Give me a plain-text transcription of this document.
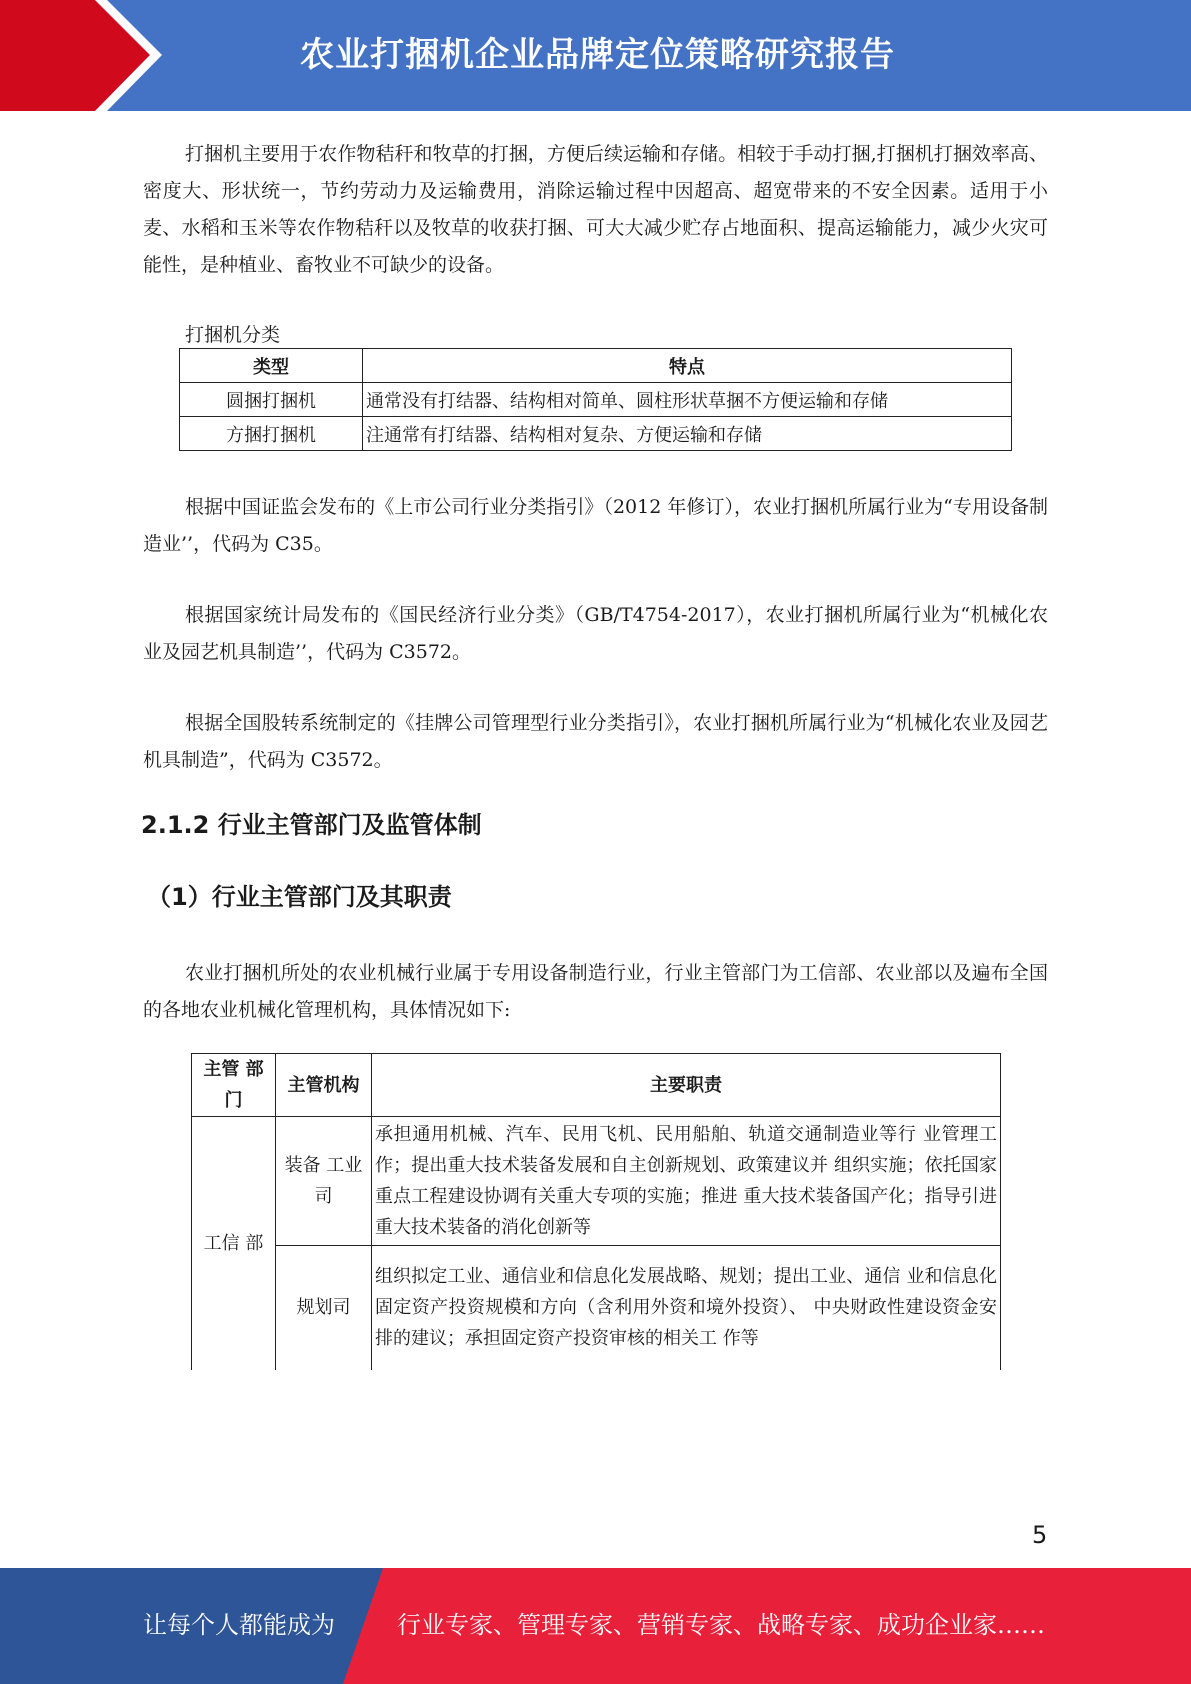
农业打捆机企业品牌定位策略研究报告

打捆机主要用于农作物秸秆和牧草的打捆，方便后续运输和存储。相较于手动打捆,打捆机打捆效率高、密度大、形状统一，节约劳动力及运输费用，消除运输过程中因超高、超宽带来的不安全因素。适用于小麦、水稻和玉米等农作物秸秆以及牧草的收获打捆、可大大减少贮存占地面积、提高运输能力，减少火灾可能性，是种植业、畜牧业不可缺少的设备。

打捆机分类
类型	特点
圆捆打捆机	通常没有打结器、结构相对简单、圆柱形状草捆不方便运输和存储
方捆打捆机	注通常有打结器、结构相对复杂、方便运输和存储

根据中国证监会发布的《上市公司行业分类指引》（2012 年修订），农业打捆机所属行业为“专用设备制造业’’，代码为 C35。

根据国家统计局发布的《国民经济行业分类》（GB/T4754-2017），农业打捆机所属行业为“机械化农业及园艺机具制造’’，代码为 C3572。

根据全国股转系统制定的《挂牌公司管理型行业分类指引》，农业打捆机所属行业为“机械化农业及园艺机具制造”，代码为 C3572。

2.1.2 行业主管部门及监管体制
（1）行业主管部门及其职责

农业打捆机所处的农业机械行业属于专用设备制造行业，行业主管部门为工信部、农业部以及遍布全国的各地农业机械化管理机构，具体情况如下:

主管 部门	主管机构	主要职责
工信 部	装备 工业司	承担通用机械、汽车、民用飞机、民用船舶、轨道交通制造业等行 业管理工作；提出重大技术装备发展和自主创新规划、政策建议并 组织实施；依托国家重点工程建设协调有关重大专项的实施；推进 重大技术装备国产化；指导引进重大技术装备的消化创新等
	规划司	组织拟定工业、通信业和信息化发展战略、规划；提出工业、通信 业和信息化固定资产投资规模和方向（含利用外资和境外投资）、 中央财政性建设资金安排的建议；承担固定资产投资审核的相关工 作等
5
让每个人都能成为	行业专家、管理专家、营销专家、战略专家、成功企业家……
